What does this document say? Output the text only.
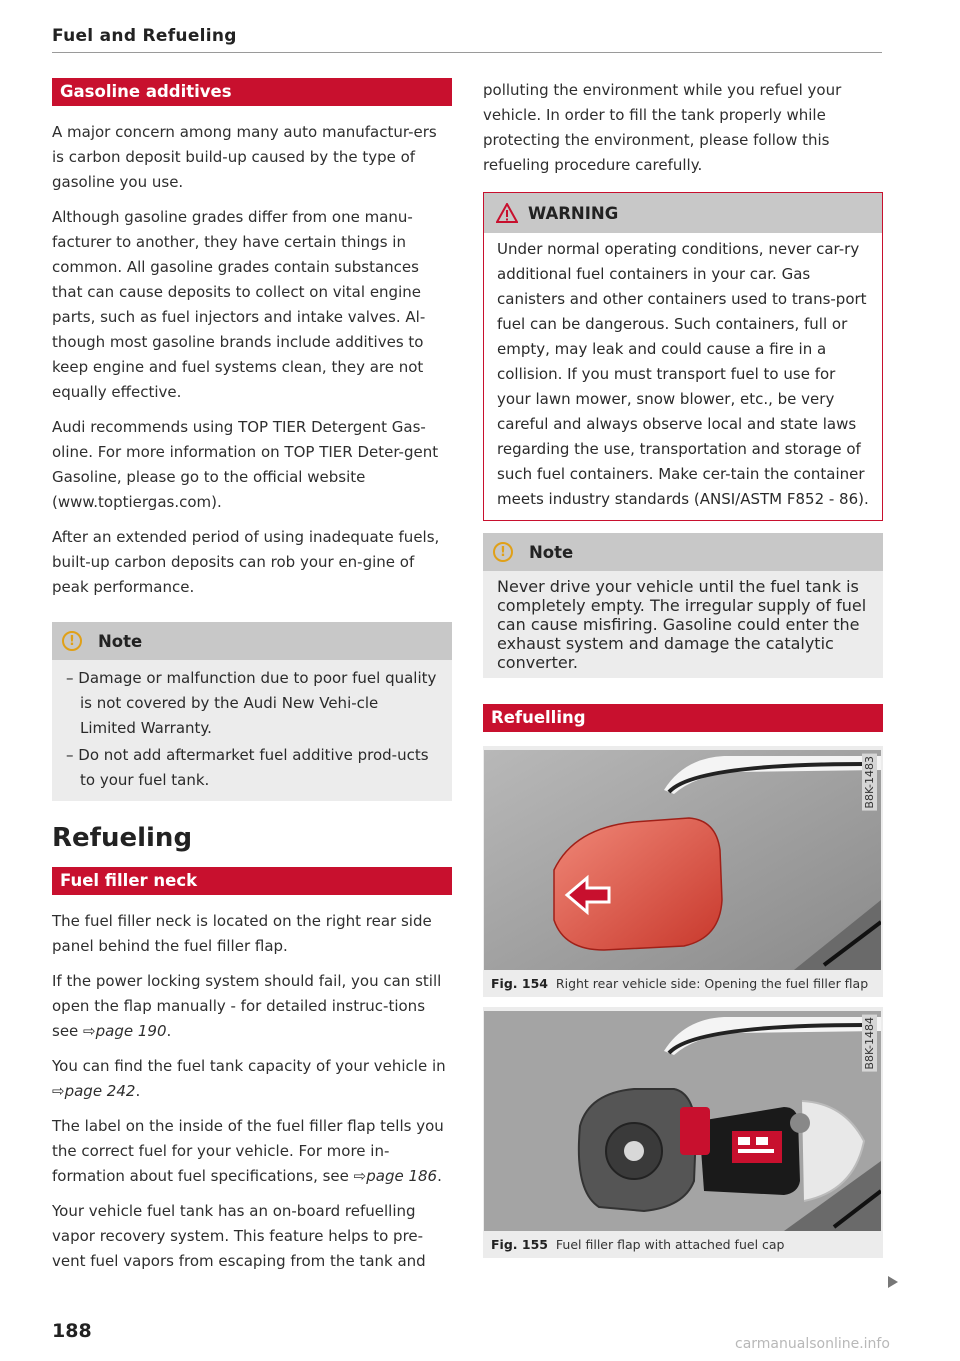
Fuel and Refueling
Gasoline additives

A major concern among many auto manufactur-ers is carbon deposit build-up caused by the type of gasoline you use.

Although gasoline grades differ from one manu-facturer to another, they have certain things in common. All gasoline grades contain substances that can cause deposits to collect on vital engine parts, such as fuel injectors and intake valves. Al-though most gasoline brands include additives to keep engine and fuel systems clean, they are not equally effective.

Audi recommends using TOP TIER Detergent Gas-oline. For more information on TOP TIER Deter-gent Gasoline, please go to the official website (www.toptiergas.com).

After an extended period of using inadequate fuels, built-up carbon deposits can rob your en-gine of peak performance.

!	Note
– Damage or malfunction due to poor fuel quality is not covered by the Audi New Vehi-cle Limited Warranty.
– Do not add aftermarket fuel additive prod-ucts to your fuel tank.
Refueling
Fuel filler neck

The fuel filler neck is located on the right rear side panel behind the fuel filler flap.

If the power locking system should fail, you can still open the flap manually - for detailed instruc-tions see ⇨page 190.

You can find the fuel tank capacity of your vehicle in ⇨page 242.

The label on the inside of the fuel filler flap tells you the correct fuel for your vehicle. For more in-formation about fuel specifications, see ⇨page 186.

Your vehicle fuel tank has an on-board refuelling vapor recovery system. This feature helps to pre-vent fuel vapors from escaping from the tank and

polluting the environment while you refuel your vehicle. In order to fill the tank properly while protecting the environment, please follow this refueling procedure carefully.

WARNING
Under normal operating conditions, never car-ry additional fuel containers in your car. Gas canisters and other containers used to trans-port fuel can be dangerous. Such containers, full or empty, may leak and could cause a fire in a collision. If you must transport fuel to use for your lawn mower, snow blower, etc., be very careful and always observe local and state laws regarding the use, transportation and storage of such fuel containers. Make cer-tain the container meets industry standards (ANSI/ASTM F852 - 86).
!	Note
Never drive your vehicle until the fuel tank is completely empty. The irregular supply of fuel can cause misfiring. Gasoline could enter the exhaust system and damage the catalytic converter.
Refuelling
B8K-1483
Fig. 154 Right rear vehicle side: Opening the fuel filler flap
B8K-1484
Fig. 155 Fuel filler flap with attached fuel cap
188
carmanualsonline.info
